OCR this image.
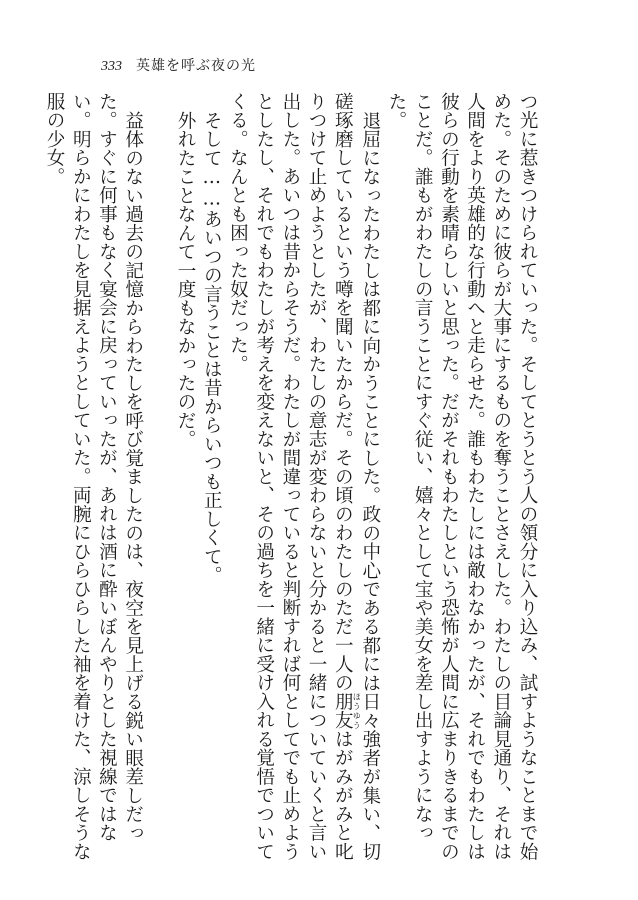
333 英雄を呼ぶ夜の光

つ光に惹きつけられていった。そしてとうとう人の領分に入り込み、試すようなことまで始めた。そのために彼らが大事にするものを奪うことさえした。わたしの目論見通り、それは人間をより英雄的な行動へと走らせた。誰もわたしには敵わなかったが、それでもわたしは彼らの行動を素晴らしいと思った。だがそれもわたしという恐怖が人間に広まりきるまでのことだ。誰もがわたしの言うことにすぐ従い、嬉々として宝や美女を差し出すようになった。

退屈になったわたしは都に向かうことにした。政の中心である都には日々強者が集い、切磋琢磨しているという噂を聞いたからだ。その頃のわたしのただ一人の朋友 ほうゆうはがみがみと叱りつけて止めようとしたが、わたしの意志が変わらないと分かると一緒についていくと言い出した。あいつは昔からそうだ。わたしが間違っていると判断すれば何としてでも止めようとしたし、それでもわたしが考えを変えないと、その過ちを一緒に受け入れる覚悟でついてくる。なんとも困った奴だった。

そして……あいつの言うことは昔からいつも正しくて。

外れたことなんて一度もなかったのだ。

益体のない過去の記憶からわたしを呼び覚ましたのは、夜空を見上げる鋭い眼差しだった。すぐに何事もなく宴会に戻っていったが、あれは酒に酔いぼんやりとした視線ではない。明らかにわたしを見据えようとしていた。両腕にひらひらした袖を着けた、涼しそうな服の少女。
